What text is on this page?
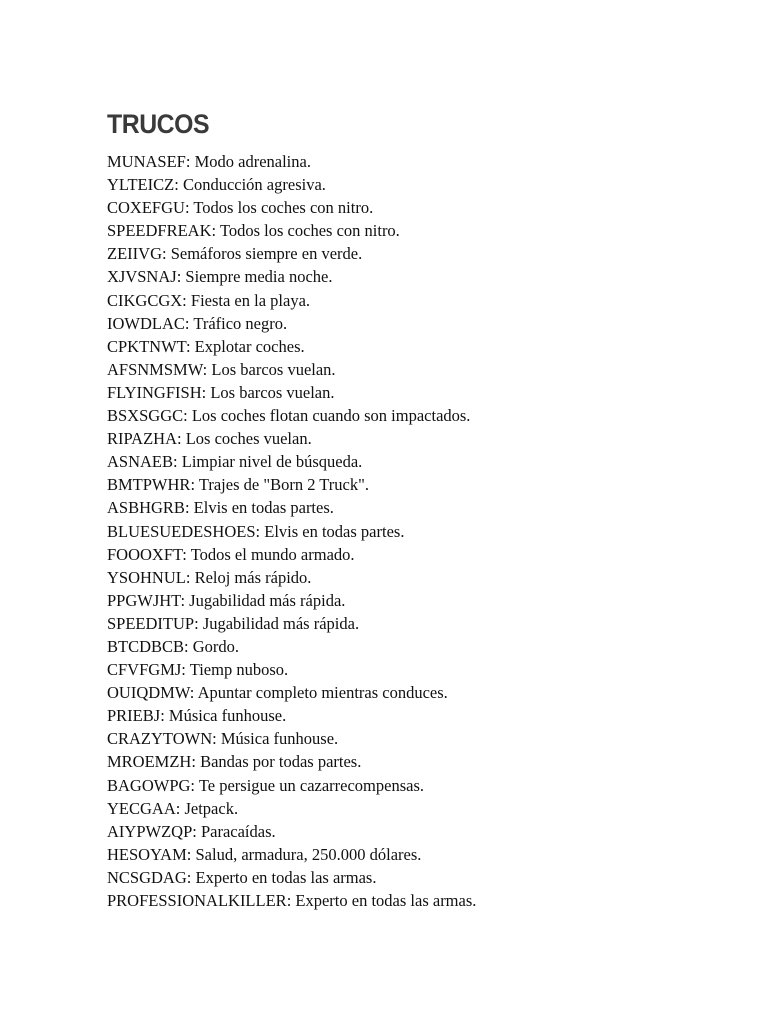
TRUCOS
MUNASEF: Modo adrenalina.
YLTEICZ: Conducción agresiva.
COXEFGU: Todos los coches con nitro.
SPEEDFREAK: Todos los coches con nitro.
ZEIIVG: Semáforos siempre en verde.
XJVSNAJ: Siempre media noche.
CIKGCGX: Fiesta en la playa.
IOWDLAC: Tráfico negro.
CPKTNWT: Explotar coches.
AFSNMSMW: Los barcos vuelan.
FLYINGFISH: Los barcos vuelan.
BSXSGGC: Los coches flotan cuando son impactados.
RIPAZHA: Los coches vuelan.
ASNAEB: Limpiar nivel de búsqueda.
BMTPWHR: Trajes de "Born 2 Truck".
ASBHGRB: Elvis en todas partes.
BLUESUEDESHOES: Elvis en todas partes.
FOOOXFT: Todos el mundo armado.
YSOHNUL: Reloj más rápido.
PPGWJHT: Jugabilidad más rápida.
SPEEDITUP: Jugabilidad más rápida.
BTCDBCB: Gordo.
CFVFGMJ: Tiemp nuboso.
OUIQDMW: Apuntar completo mientras conduces.
PRIEBJ: Música funhouse.
CRAZYTOWN: Música funhouse.
MROEMZH: Bandas por todas partes.
BAGOWPG: Te persigue un cazarrecompensas.
YECGAA: Jetpack.
AIYPWZQP: Paracaídas.
HESOYAM: Salud, armadura, 250.000 dólares.
NCSGDAG: Experto en todas las armas.
PROFESSIONALKILLER: Experto en todas las armas.
